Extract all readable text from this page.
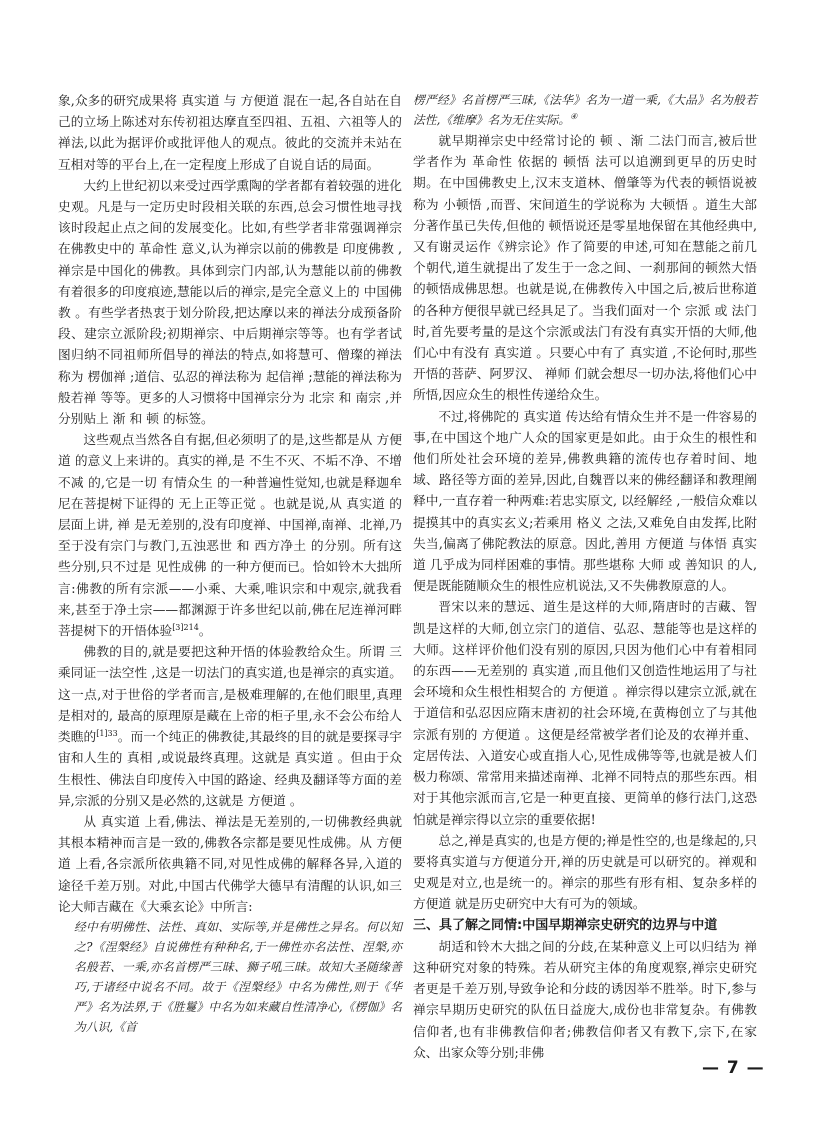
象,众多的研究成果将 真实道 与 方便道 混在一起,各自站在自己的立场上陈述对东传初祖达摩直至四祖、五祖、六祖等人的禅法,以此为据评价或批评他人的观点。彼此的交流并未站在互相对等的平台上,在一定程度上形成了自说自话的局面。

大约上世纪初以来受过西学熏陶的学者都有着较强的进化史观。凡是与一定历史时段相关联的东西,总会习惯性地寻找该时段起止点之间的发展变化。比如,有些学者非常强调禅宗在佛教史中的 革命性 意义,认为禅宗以前的佛教是 印度佛教 ,禅宗是中国化的佛教。具体到宗门内部,认为慧能以前的佛教有着很多的印度痕迹,慧能以后的禅宗,是完全意义上的 中国佛教 。有些学者热衷于划分阶段,把达摩以来的禅法分成预备阶段、建宗立派阶段;初期禅宗、中后期禅宗等等。也有学者试图归纳不同祖师所倡导的禅法的特点,如将慧可、僧璨的禅法称为 楞伽禅 ;道信、弘忍的禅法称为 起信禅 ;慧能的禅法称为 般若禅 等等。更多的人习惯将中国禅宗分为 北宗 和 南宗 ,并分别贴上 渐 和 顿 的标签。

这些观点当然各自有据,但必须明了的是,这些都是从 方便道 的意义上来讲的。真实的禅,是 不生不灭、不垢不净、不增不减 的,它是一切 有情众生 的一种普遍性觉知,也就是释迦牟尼在菩提树下证得的 无上正等正觉 。也就是说,从 真实道 的层面上讲, 禅 是无差别的,没有印度禅、中国禅,南禅、北禅,乃至于没有宗门与教门,五浊恶世 和 西方净土 的分别。所有这些分别,只不过是 见性成佛 的一种方便而已。恰如铃木大拙所言:佛教的所有宗派——小乘、大乘,唯识宗和中观宗,就我看来,甚至于净土宗——都渊源于许多世纪以前,佛在尼连禅河畔菩提树下的开悟体验$^{[3]214}$。

佛教的目的,就是要把这种开悟的体验教给众生。所谓 三乘同证一法空性 ,这是一切法门的真实道,也是禅宗的真实道。这一点,对于世俗的学者而言,是极难理解的,在他们眼里,真理是相对的, 最高的原理原是藏在上帝的柜子里,永不会公布给人类瞧的$^{[1]33}$。而一个纯正的佛教徒,其最终的目的就是要探寻宇宙和人生的 真相 ,或说最终真理。这就是 真实道 。但由于众生根性、佛法自印度传入中国的路途、经典及翻译等方面的差异,宗派的分别又是必然的,这就是 方便道 。

从 真实道 上看,佛法、禅法是无差别的,一切佛教经典就其根本精神而言是一致的,佛教各宗都是要见性成佛。从 方便道 上看,各宗派所依典籍不同,对见性成佛的解释各异,入道的途径千差万别。对此,中国古代佛学大德早有清醒的认识,如三论大师吉藏在《大乘玄论》中所言:

经中有明佛性、法性、真如、实际等,并是佛性之异名。何以知之?《涅槃经》自说佛性有种种名,于一佛性亦名法性、涅槃,亦名般若、一乘,亦名首楞严三昧、狮子吼三昧。故知大圣随缘善巧,于诸经中说名不同。故于《涅槃经》中名为佛性,则于《华严》名为法界,于《胜鬘》中名为如来藏自性清净心,《楞伽》名为八识,《首

楞严经》名首楞严三昧,《法华》名为一道一乘,《大品》名为般若法性,《维摩》名为无住实际。④

就早期禅宗史中经常讨论的 顿 、渐 二法门而言,被后世学者作为 革命性 依据的 顿悟 法可以追溯到更早的历史时期。在中国佛教史上,汉末支道林、僧肇等为代表的顿悟说被称为 小顿悟 ,而晋、宋间道生的学说称为 大顿悟 。道生大部分著作虽已失传,但他的 顿悟说还是零星地保留在其他经典中,又有谢灵运作《辨宗论》作了简要的申述,可知在慧能之前几个朝代,道生就提出了发生于一念之间、一刹那间的顿然大悟的顿悟成佛思想。也就是说,在佛教传入中国之后,被后世称道的各种方便很早就已经具足了。当我们面对一个 宗派 或 法门 时,首先要考量的是这个宗派或法门有没有真实开悟的大师,他们心中有没有 真实道 。只要心中有了 真实道 ,不论何时,那些开悟的菩萨、阿罗汉、 禅师 们就会想尽一切办法,将他们心中所悟,因应众生的根性传递给众生。

不过,将佛陀的 真实道 传达给有情众生并不是一件容易的事,在中国这个地广人众的国家更是如此。由于众生的根性和他们所处社会环境的差异,佛教典籍的流传也存着时间、地域、路径等方面的差异,因此,自魏晋以来的佛经翻译和教理阐释中,一直存着一种两难:若忠实原文, 以经解经 ,一般信众难以提摸其中的真实玄义;若乘用 格义 之法,又难免自由发挥,比附失当,偏离了佛陀教法的原意。因此,善用 方便道 与体悟 真实道 几乎成为同样困难的事情。那些堪称 大师 或 善知识 的人,便是既能随顺众生的根性应机说法,又不失佛教原意的人。

晋宋以来的慧远、道生是这样的大师,隋唐时的吉藏、智凯是这样的大师,创立宗门的道信、弘忍、慧能等也是这样的大师。这样评价他们没有别的原因,只因为他们心中有着相同的东西——无差别的 真实道 ,而且他们又创造性地运用了与社会环境和众生根性相契合的 方便道 。禅宗得以建宗立派,就在于道信和弘忍因应隋末唐初的社会环境,在黄梅创立了与其他宗派有别的 方便道 。这便是经常被学者们论及的农禅并重、定居传法、入道安心或直指人心,见性成佛等等,也就是被人们极力称颂、常常用来描述南禅、北禅不同特点的那些东西。相对于其他宗派而言,它是一种更直接、更简单的修行法门,这恐怕就是禅宗得以立宗的重要依据!

总之,禅是真实的,也是方便的;禅是性空的,也是缘起的,只要将真实道与方便道分开,禅的历史就是可以研究的。禅观和史观是对立,也是统一的。禅宗的那些有形有相、复杂多样的 方便道 就是历史研究中大有可为的领域。

三、具了解之同情:中国早期禅宗史研究的边界与中道

胡适和铃木大拙之间的分歧,在某种意义上可以归结为 禅 这种研究对象的特殊。若从研究主体的角度观察,禅宗史研究者更是千差万别,导致争论和分歧的诱因举不胜举。时下,参与禅宗早期历史研究的队伍日益庞大,成份也非常复杂。有佛教信仰者,也有非佛教信仰者;佛教信仰者又有教下,宗下,在家众、出家众等分别;非佛

— 7 —
